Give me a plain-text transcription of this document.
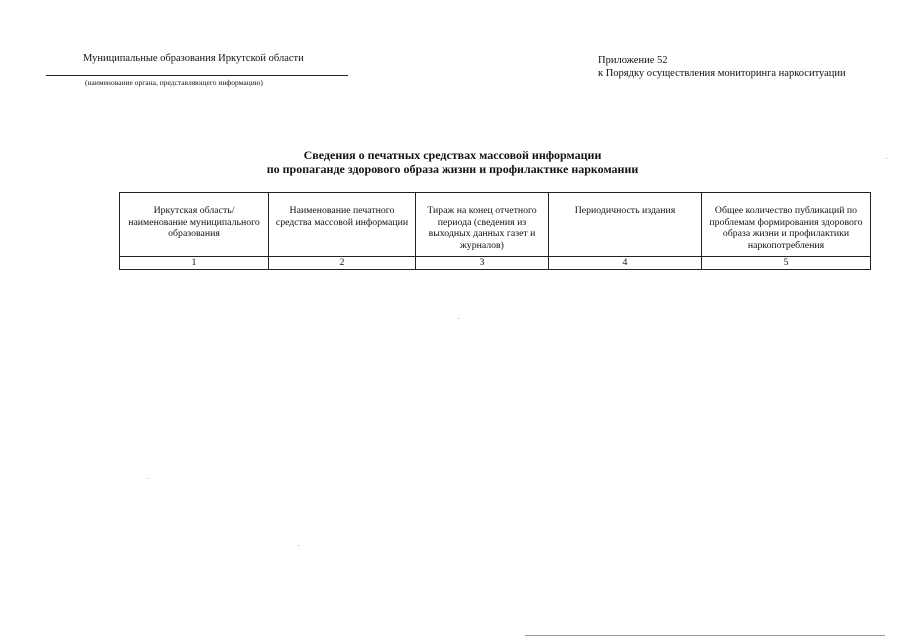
Муниципальные образования Иркутской области
(наименование органа, представляющего информацию)
Приложение 52
к Порядку осуществления мониторинга наркоситуации
Сведения о печатных средствах массовой информации
по пропаганде здорового образа жизни и профилактике наркомании
Иркутская область/ наименование муниципального образования	Наименование печатного средства массовой информации	Тираж на конец отчетного периода (сведения из выходных данных газет и журналов)	Периодичность издания	Общее количество публикаций по проблемам формирования здорового образа жизни и профилактики наркопотребления
1	2	3	4	5
